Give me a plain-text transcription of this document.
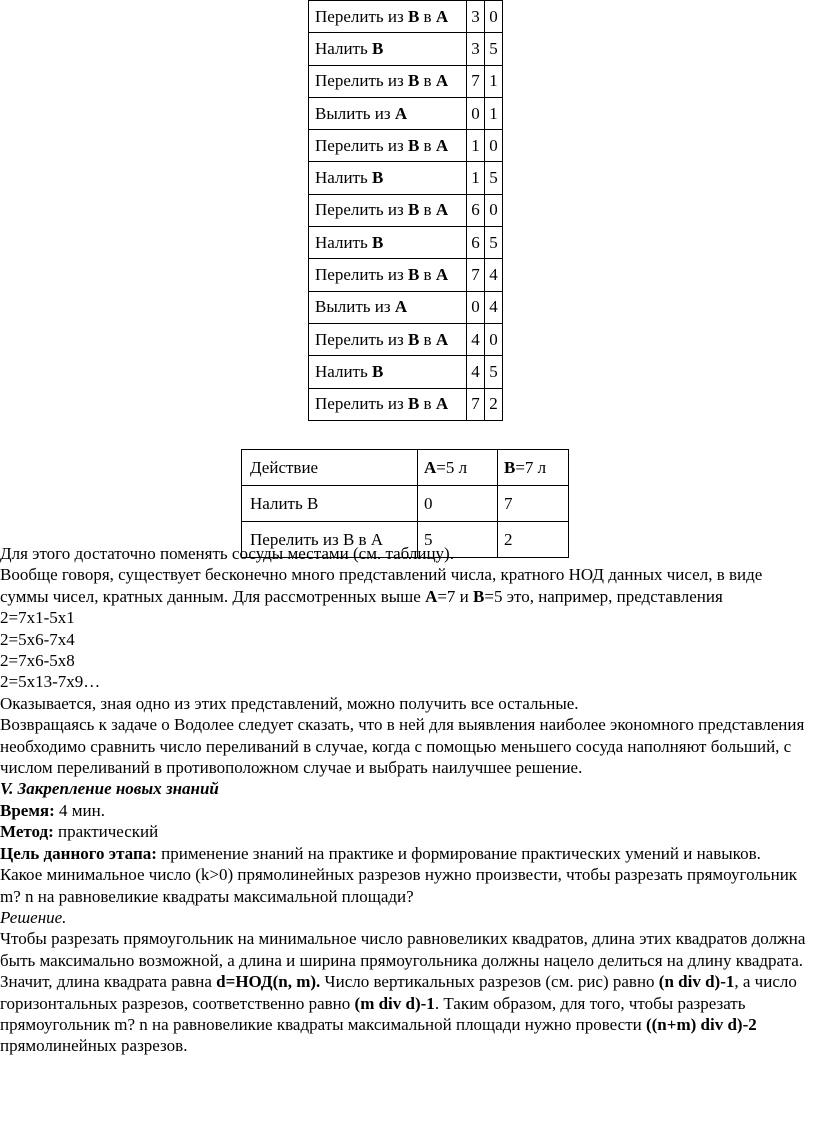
Перелить из B в A	3	0
Налить B	3	5
Перелить из B в A	7	1
Вылить из A	0	1
Перелить из B в A	1	0
Налить B	1	5
Перелить из B в A	6	0
Налить B	6	5
Перелить из B в A	7	4
Вылить из A	0	4
Перелить из B в A	4	0
Налить B	4	5
Перелить из B в A	7	2
Действие	A=5 л	B=7 л
Налить B	0	7
Перелить из B в A	5	2

Для этого достаточно поменять сосуды местами (см. таблицу).

Вообще говоря, существует бесконечно много представлений числа, кратного НОД данных чисел, в виде суммы чисел, кратных данным. Для рассмотренных выше A=7 и B=5 это, например, представления

2=7х1-5х1

2=5х6-7х4

2=7х6-5х8

2=5х13-7х9…

Оказывается, зная одно из этих представлений, можно получить все остальные.

Возвращаясь к задаче о Водолее следует сказать, что в ней для выявления наиболее экономного представления необходимо сравнить число переливаний в случае, когда с помощью меньшего сосуда наполняют больший, с числом переливаний в противоположном случае и выбрать наилучшее решение.

V. Закрепление новых знаний

Время: 4 мин.

Метод: практический

Цель данного этапа: применение знаний на практике и формирование практических умений и навыков.

Какое минимальное число (k>0) прямолинейных разрезов нужно произвести, чтобы разрезать прямоугольник m? n на равновеликие квадраты максимальной площади?

Решение.

Чтобы разрезать прямоугольник на минимальное число равновеликих квадратов, длина этих квадратов должна быть максимально возможной, а длина и ширина прямоугольника должны нацело делиться на длину квадрата. Значит, длина квадрата равна d=НОД(n, m). Число вертикальных разрезов (см. рис) равно (n div d)-1, а число горизонтальных разрезов, соответственно равно (m div d)-1. Таким образом, для того, чтобы разрезать прямоугольник m? n на равновеликие квадраты максимальной площади нужно провести ((n+m) div d)-2 прямолинейных разрезов.
